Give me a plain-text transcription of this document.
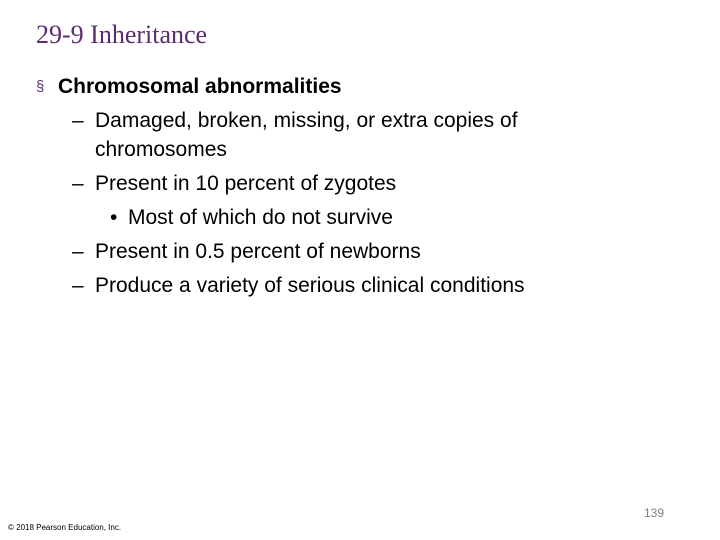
29-9 Inheritance
§ Chromosomal abnormalities
– Damaged, broken, missing, or extra copies of chromosomes
– Present in 10 percent of zygotes
• Most of which do not survive
– Present in 0.5 percent of newborns
– Produce a variety of serious clinical conditions
139
© 2018 Pearson Education, Inc.
